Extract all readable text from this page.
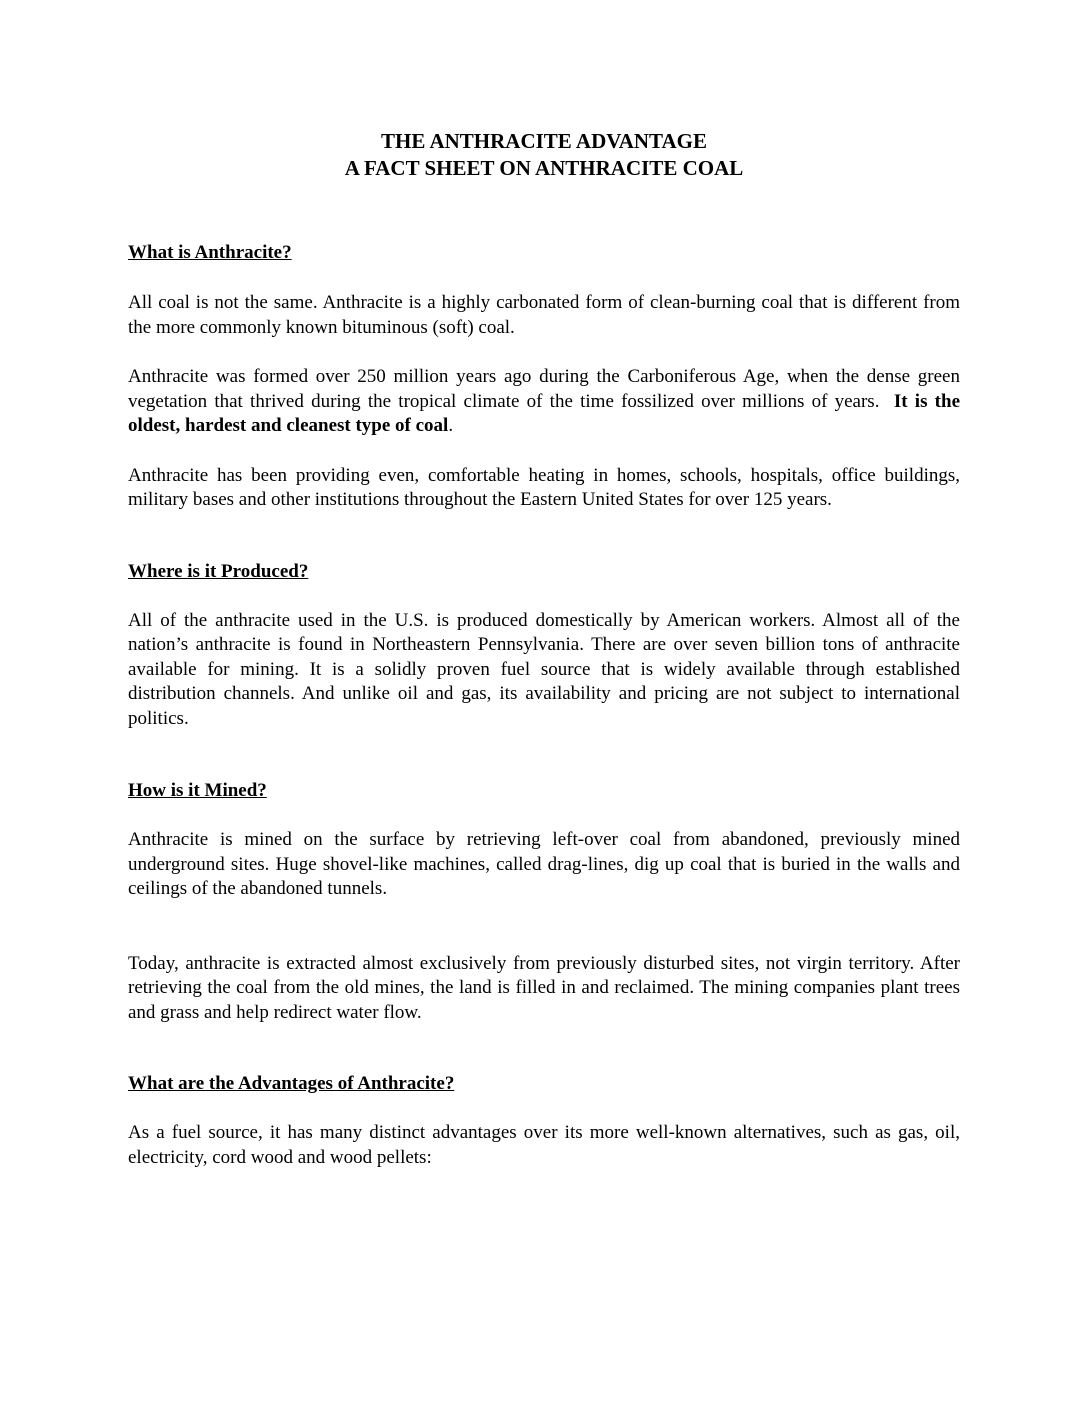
THE ANTHRACITE ADVANTAGE
A FACT SHEET ON ANTHRACITE COAL

What is Anthracite?

All coal is not the same. Anthracite is a highly carbonated form of clean-burning coal that is different from the more commonly known bituminous (soft) coal.

Anthracite was formed over 250 million years ago during the Carboniferous Age, when the dense green vegetation that thrived during the tropical climate of the time fossilized over millions of years. It is the oldest, hardest and cleanest type of coal.

Anthracite has been providing even, comfortable heating in homes, schools, hospitals, office buildings, military bases and other institutions throughout the Eastern United States for over 125 years.

Where is it Produced?

All of the anthracite used in the U.S. is produced domestically by American workers. Almost all of the nation’s anthracite is found in Northeastern Pennsylvania. There are over seven billion tons of anthracite available for mining. It is a solidly proven fuel source that is widely available through established distribution channels. And unlike oil and gas, its availability and pricing are not subject to international politics.

How is it Mined?

Anthracite is mined on the surface by retrieving left-over coal from abandoned, previously mined underground sites. Huge shovel-like machines, called drag-lines, dig up coal that is buried in the walls and ceilings of the abandoned tunnels.

Today, anthracite is extracted almost exclusively from previously disturbed sites, not virgin territory. After retrieving the coal from the old mines, the land is filled in and reclaimed. The mining companies plant trees and grass and help redirect water flow.

What are the Advantages of Anthracite?

As a fuel source, it has many distinct advantages over its more well-known alternatives, such as gas, oil, electricity, cord wood and wood pellets:
